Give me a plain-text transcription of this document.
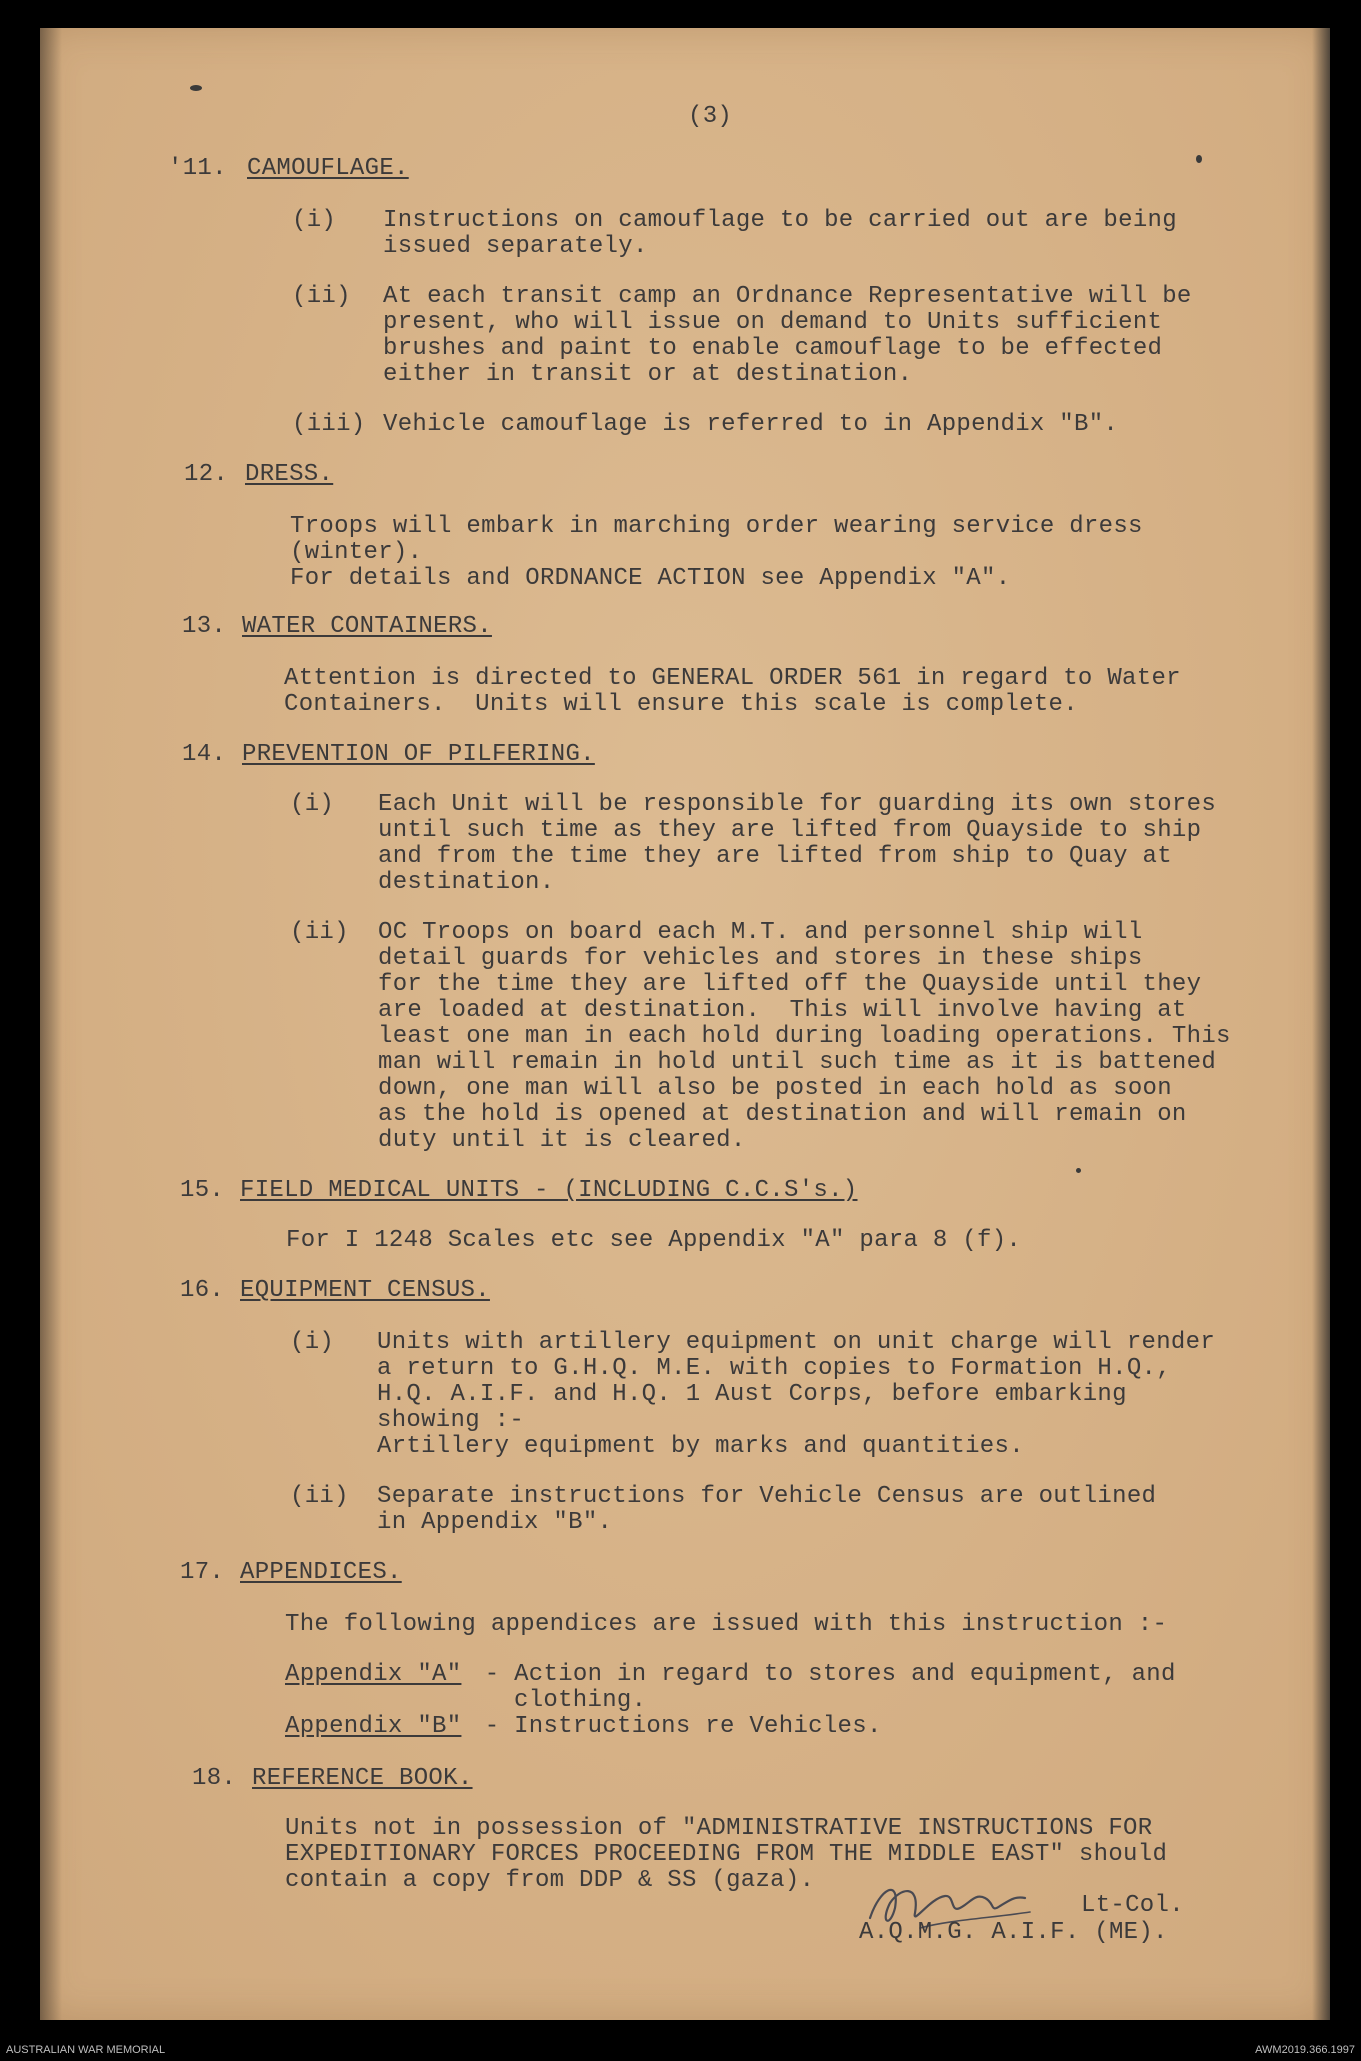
(3)

'11. CAMOUFLAGE.

(i) Instructions on camouflage to be carried out are being

issued separately.

(ii) At each transit camp an Ordnance Representative will be

present, who will issue on demand to Units sufficient

brushes and paint to enable camouflage to be effected

either in transit or at destination.

(iii) Vehicle camouflage is referred to in Appendix "B".

12. DRESS.

Troops will embark in marching order wearing service dress

(winter).

For details and ORDNANCE ACTION see Appendix "A".

13. WATER CONTAINERS.

Attention is directed to GENERAL ORDER 561 in regard to Water

Containers.  Units will ensure this scale is complete.

14. PREVENTION OF PILFERING.

(i) Each Unit will be responsible for guarding its own stores

until such time as they are lifted from Quayside to ship

and from the time they are lifted from ship to Quay at

destination.

(ii) OC Troops on board each M.T. and personnel ship will

detail guards for vehicles and stores in these ships

for the time they are lifted off the Quayside until they

are loaded at destination.  This will involve having at

least one man in each hold during loading operations. This

man will remain in hold until such time as it is battened

down, one man will also be posted in each hold as soon

as the hold is opened at destination and will remain on

duty until it is cleared.

15. FIELD MEDICAL UNITS - (INCLUDING C.C.S's.)

For I 1248 Scales etc see Appendix "A" para 8 (f).

16. EQUIPMENT CENSUS.

(i) Units with artillery equipment on unit charge will render

a return to G.H.Q. M.E. with copies to Formation H.Q.,

H.Q. A.I.F. and H.Q. 1 Aust Corps, before embarking

showing :-

Artillery equipment by marks and quantities.

(ii) Separate instructions for Vehicle Census are outlined

in Appendix "B".

17. APPENDICES.

The following appendices are issued with this instruction :-

Appendix "A" - Action in regard to stores and equipment, and

clothing.

Appendix "B" - Instructions re Vehicles.

18. REFERENCE BOOK.

Units not in possession of "ADMINISTRATIVE INSTRUCTIONS FOR

EXPEDITIONARY FORCES PROCEEDING FROM THE MIDDLE EAST" should

contain a copy from DDP & SS (gaza).

Lt-Col.

A.Q.M.G. A.I.F. (ME).

AUSTRALIAN WAR MEMORIAL	AWM2019.366.1997
